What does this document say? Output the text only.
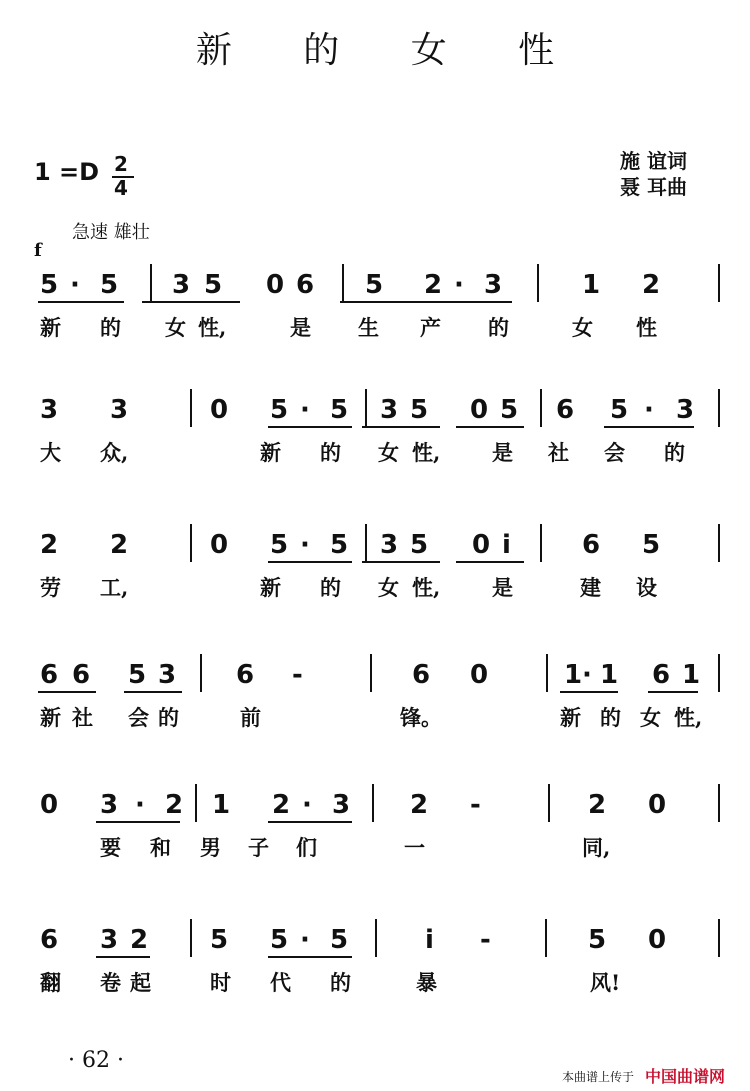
新 的 女 性
1 =D 2
4
施 谊词
聂 耳曲
急速 雄壮
f
5 · 5 3 5 0 6 5 2 · 3	1 2
新 的 女 性,	是 生 产 的	女 性
3 3	0 5 · 5 3 5 0 5 6 5 · 3
大 众,	新 的 女 性, 是 社 会 的
2 2	0 5 · 5 3 5 0 i	6 5
劳 工,	新 的 女 性, 是	建 设
6 6 5 3 6 -	6 0	1 · 1 6 1
新 社 会 的	前	锋。	新 的 女 性,
0 3 · 2 1 2 · 3 2 -	2 0
要 和 男 子 们	一	同,
6 3 2 5 5 · 5	i -	5 0
翻 卷 起	时 代 的	暴	风!
· 62 ·
本曲谱上传于 中国曲谱网
